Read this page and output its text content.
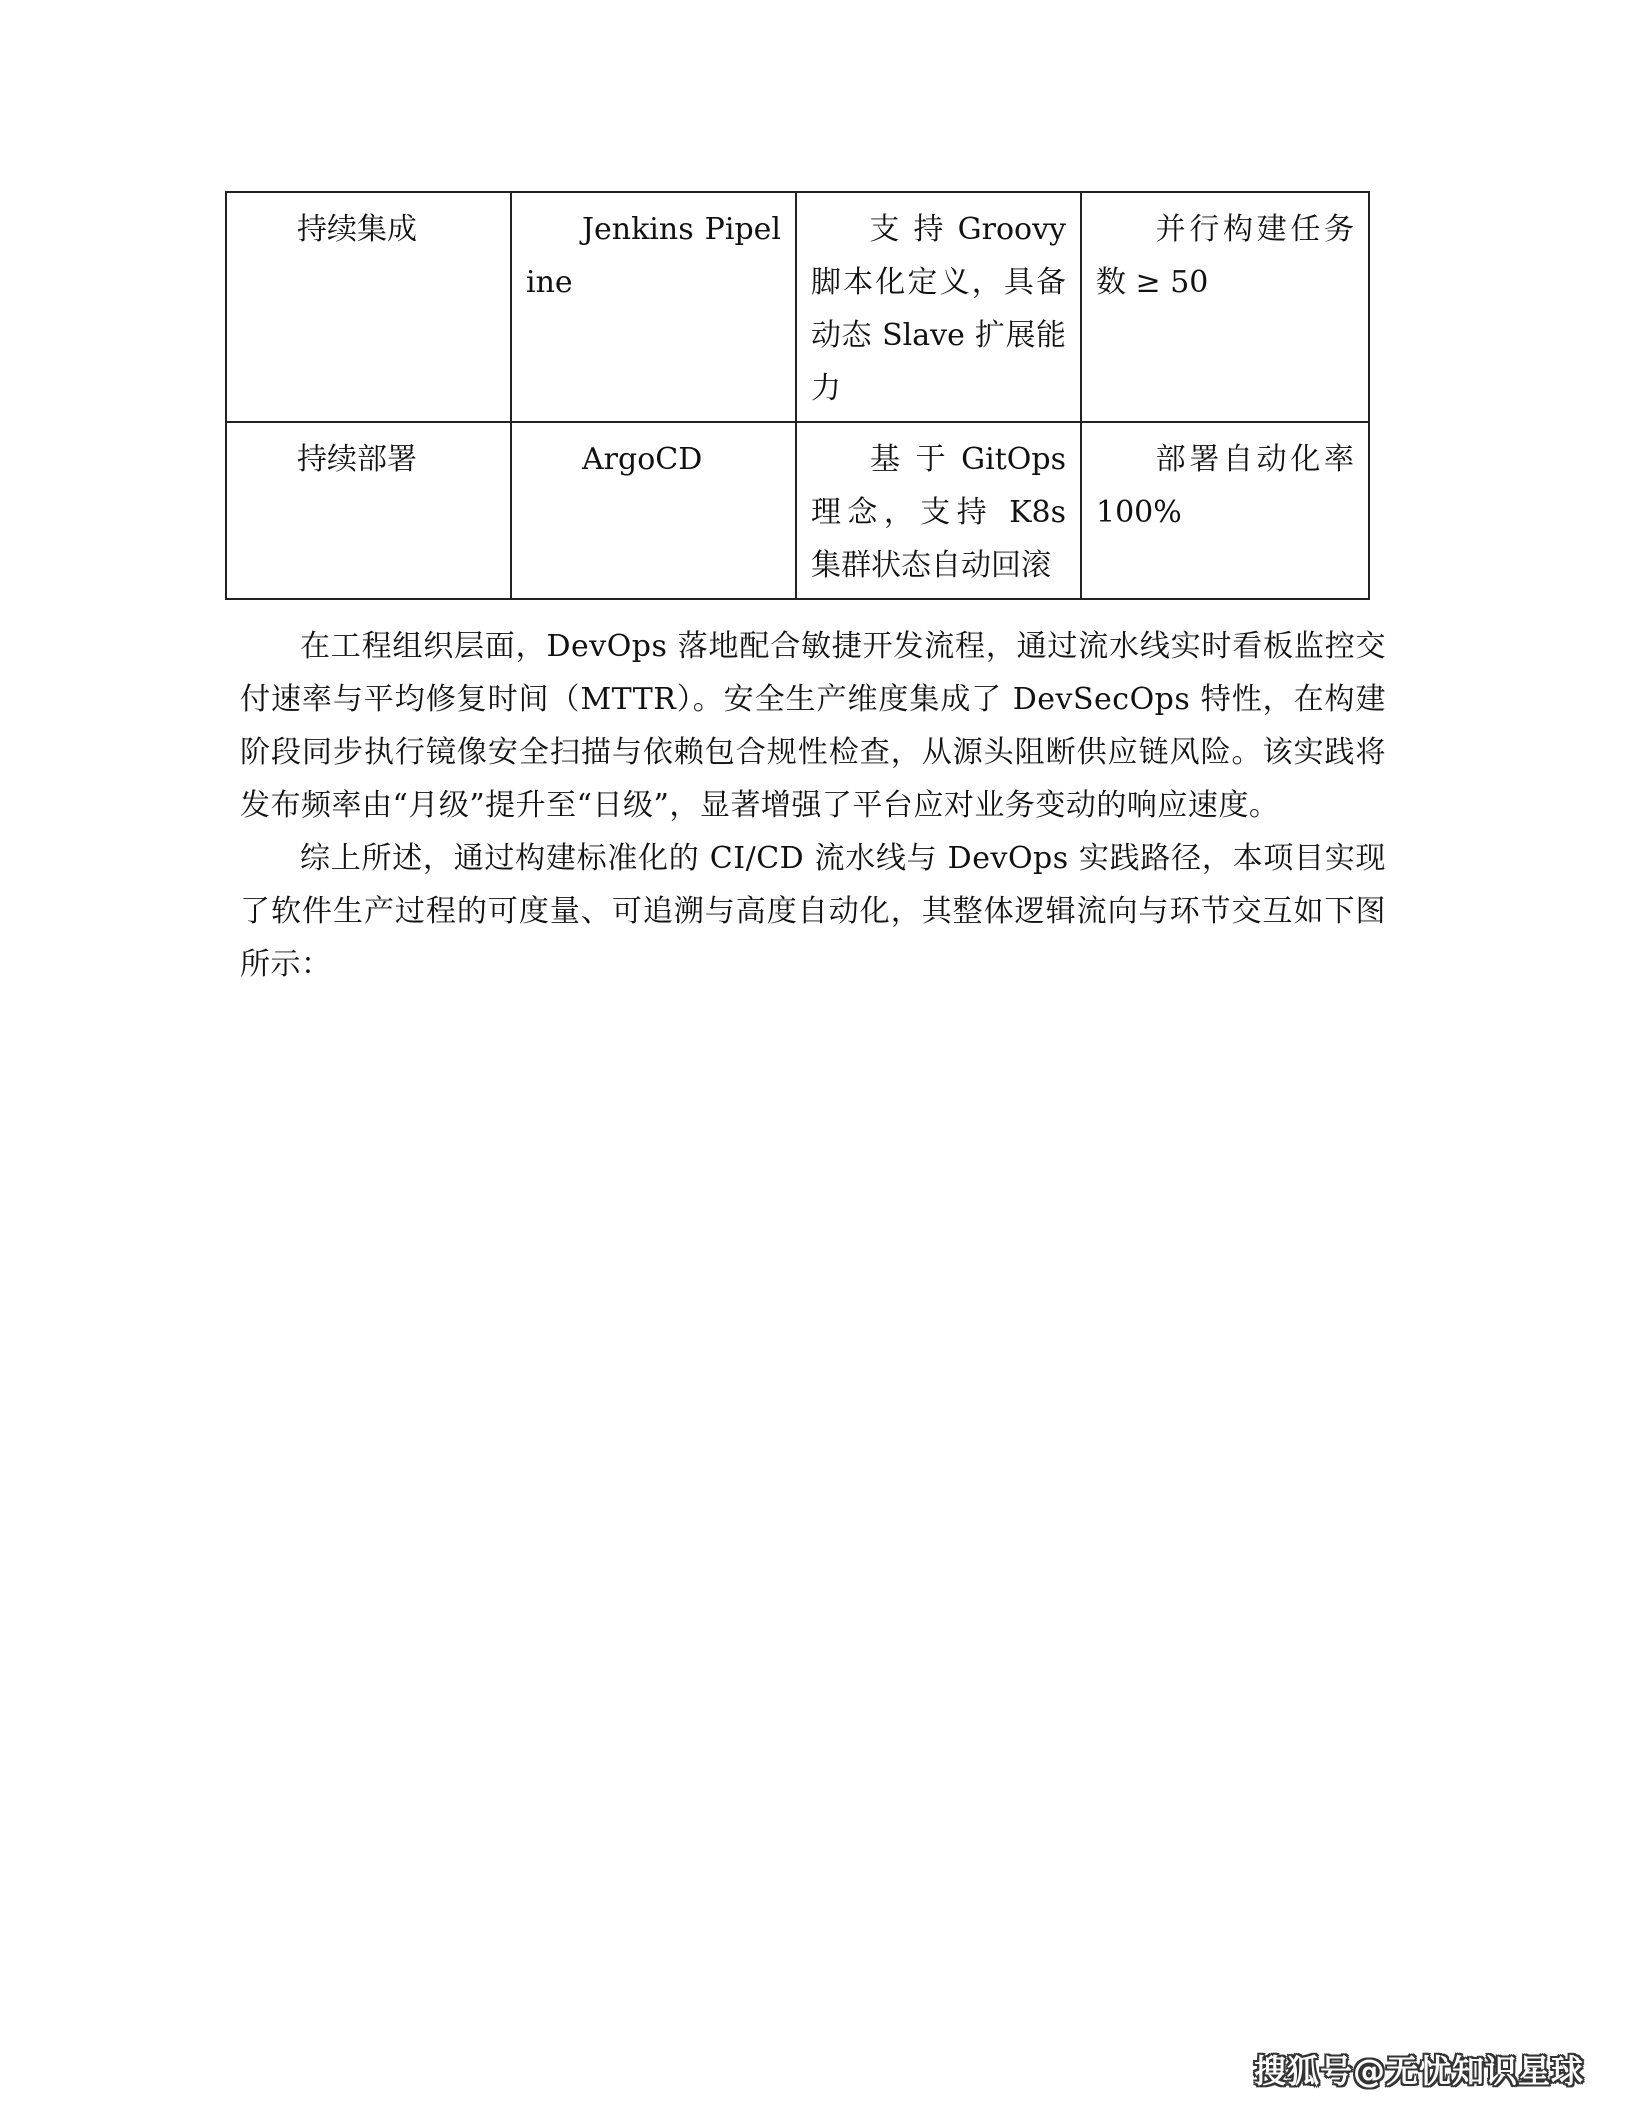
持续集成	Jenkins Pipeline	支 持 Groovy 脚本化定义，具备动态 Slave 扩展能力	并行构建任务数 ≥ 50
持续部署	ArgoCD	基 于 GitOps 理念，支持 K8s 集群状态自动回滚	部署自动化率 100%

在工程组织层面，DevOps 落地配合敏捷开发流程，通过流水线实时看板监控交付速率与平均修复时间（MTTR）。安全生产维度集成了 DevSecOps 特性，在构建阶段同步执行镜像安全扫描与依赖包合规性检查，从源头阻断供应链风险。该实践将发布频率由“月级”提升至“日级”，显著增强了平台应对业务变动的响应速度。

综上所述，通过构建标准化的 CI/CD 流水线与 DevOps 实践路径，本项目实现了软件生产过程的可度量、可追溯与高度自动化，其整体逻辑流向与环节交互如下图所示：

搜狐号@无忧知识星球
